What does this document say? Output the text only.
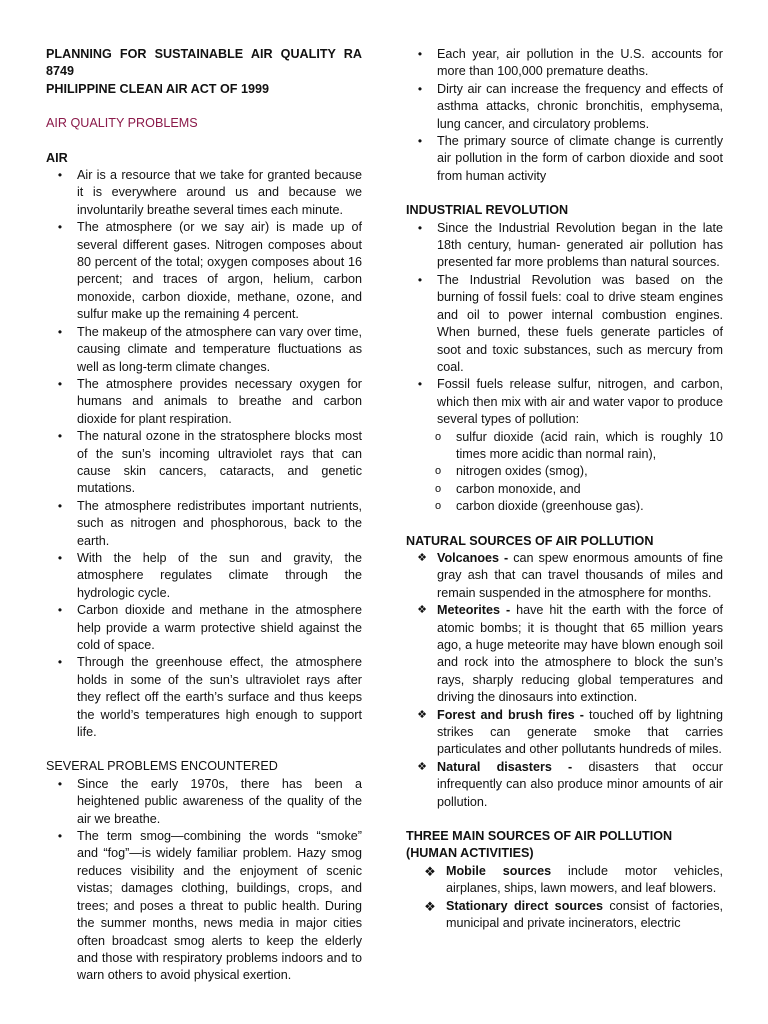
PLANNING FOR SUSTAINABLE AIR QUALITY RA 8749
PHILIPPINE CLEAN AIR ACT OF 1999
AIR QUALITY PROBLEMS
AIR
•	Air is a resource that we take for granted because it is everywhere around us and because we involuntarily breathe several times each minute.
•	The atmosphere (or we say air) is made up of several different gases. Nitrogen composes about 80 percent of the total; oxygen composes about 16 percent; and traces of argon, helium, carbon monoxide, carbon dioxide, methane, ozone, and sulfur make up the remaining 4 percent.
•	The makeup of the atmosphere can vary over time, causing climate and temperature fluctuations as well as long-term climate changes.
•	The atmosphere provides necessary oxygen for humans and animals to breathe and carbon dioxide for plant respiration.
•	The natural ozone in the stratosphere blocks most of the sun’s incoming ultraviolet rays that can cause skin cancers, cataracts, and genetic mutations.
•	The atmosphere redistributes important nutrients, such as nitrogen and phosphorous, back to the earth.
•	With the help of the sun and gravity, the atmosphere regulates climate through the hydrologic cycle.
•	Carbon dioxide and methane in the atmosphere help provide a warm protective shield against the cold of space.
•	Through the greenhouse effect, the atmosphere holds in some of the sun’s ultraviolet rays after they reflect off the earth’s surface and thus keeps the world’s temperatures high enough to support life.
SEVERAL PROBLEMS ENCOUNTERED
•	Since the early 1970s, there has been a heightened public awareness of the quality of the air we breathe.
•	The term smog—combining the words “smoke” and “fog”—is widely familiar problem. Hazy smog reduces visibility and the enjoyment of scenic vistas; damages clothing, buildings, crops, and trees; and poses a threat to public health. During the summer months, news media in major cities often broadcast smog alerts to keep the elderly and those with respiratory problems indoors and to warn others to avoid physical exertion.
•	Each year, air pollution in the U.S. accounts for more than 100,000 premature deaths.
•	Dirty air can increase the frequency and effects of asthma attacks, chronic bronchitis, emphysema, lung cancer, and circulatory problems.
•	The primary source of climate change is currently air pollution in the form of carbon dioxide and soot from human activity
INDUSTRIAL REVOLUTION
•	Since the Industrial Revolution began in the late 18th century, human- generated air pollution has presented far more problems than natural sources.
•	The Industrial Revolution was based on the burning of fossil fuels: coal to drive steam engines and oil to power internal combustion engines. When burned, these fuels generate particles of soot and toxic substances, such as mercury from coal.
•	Fossil fuels release sulfur, nitrogen, and carbon, which then mix with air and water vapor to produce several types of pollution:
o sulfur dioxide (acid rain, which is roughly 10 times more acidic than normal rain),
o nitrogen oxides (smog),
o carbon monoxide, and
o carbon dioxide (greenhouse gas).
NATURAL SOURCES OF AIR POLLUTION
❖ Volcanoes - can spew enormous amounts of fine gray ash that can travel thousands of miles and remain suspended in the atmosphere for months.
❖ Meteorites - have hit the earth with the force of atomic bombs; it is thought that 65 million years ago, a huge meteorite may have blown enough soil and rock into the atmosphere to block the sun’s rays, sharply reducing global temperatures and driving the dinosaurs into extinction.
❖ Forest and brush fires - touched off by lightning strikes can generate smoke that carries particulates and other pollutants hundreds of miles.
❖ Natural disasters - disasters that occur infrequently can also produce minor amounts of air pollution.
THREE MAIN SOURCES OF AIR POLLUTION (HUMAN ACTIVITIES)
❖ Mobile sources include motor vehicles, airplanes, ships, lawn mowers, and leaf blowers.
❖ Stationary direct sources consist of factories, municipal and private incinerators, electric
